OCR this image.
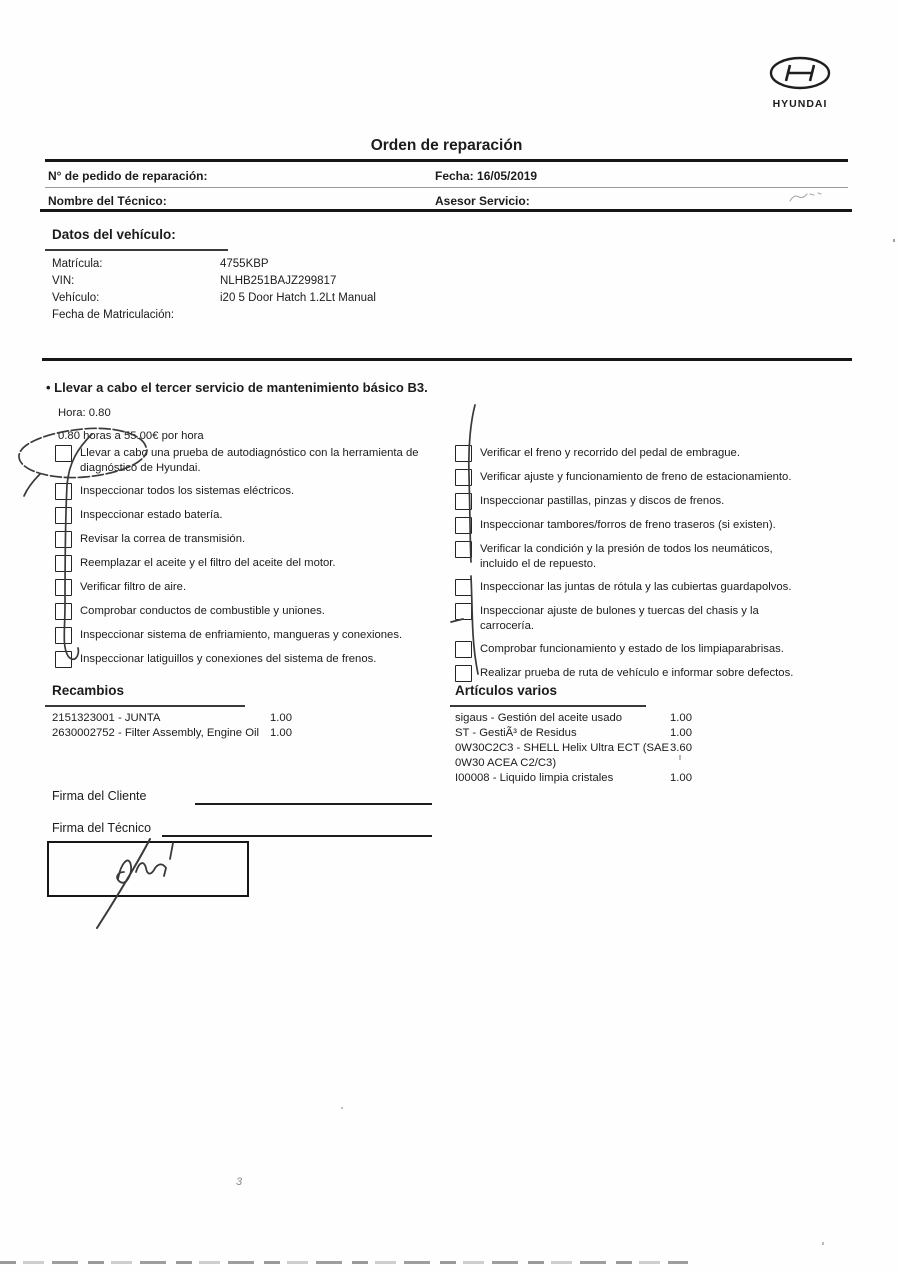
HYUNDAI
Orden de reparación
N° de pedido de reparación:	Fecha: 16/05/2019
Nombre del Técnico:	Asesor Servicio:
Datos del vehículo:
Matrícula:	4755KBP
VIN:	NLHB251BAJZ299817
Vehículo:	i20 5 Door Hatch 1.2Lt Manual
Fecha de Matriculación:
• Llevar a cabo el tercer servicio de mantenimiento básico B3.
Hora: 0.80
0.80 horas a 55.00€ por hora
Llevar a cabo una prueba de autodiagnóstico con la herramienta de diagnóstico de Hyundai.
Inspeccionar todos los sistemas eléctricos.
Inspeccionar estado batería.
Revisar la correa de transmisión.
Reemplazar el aceite y el filtro del aceite del motor.
Verificar filtro de aire.
Comprobar conductos de combustible y uniones.
Inspeccionar sistema de enfriamiento, mangueras y conexiones.
Inspeccionar latiguillos y conexiones del sistema de frenos.
Verificar el freno y recorrido del pedal de embrague.
Verificar ajuste y funcionamiento de freno de estacionamiento.
Inspeccionar pastillas, pinzas y discos de frenos.
Inspeccionar tambores/forros de freno traseros (si existen).
Verificar la condición y la presión de todos los neumáticos, incluido el de repuesto.
Inspeccionar las juntas de rótula y las cubiertas guardapolvos.
Inspeccionar ajuste de bulones y tuercas del chasis y la carrocería.
Comprobar funcionamiento y estado de los limpiaparabrisas.
Realizar prueba de ruta de vehículo e informar sobre defectos.
Recambios
2151323001 - JUNTA	1.00
2630002752 - Filter Assembly, Engine Oil 1.00
Artículos varios
sigaus - Gestión del aceite usado	1.00
ST - GestiÃ³ de Residus	1.00
0W30C2C3 - SHELL Helix Ultra ECT (SAE 0W30 ACEA C2/C3)
3.60
I00008 - Liquido limpia cristales	1.00
Firma del Cliente
Firma del Técnico
3
